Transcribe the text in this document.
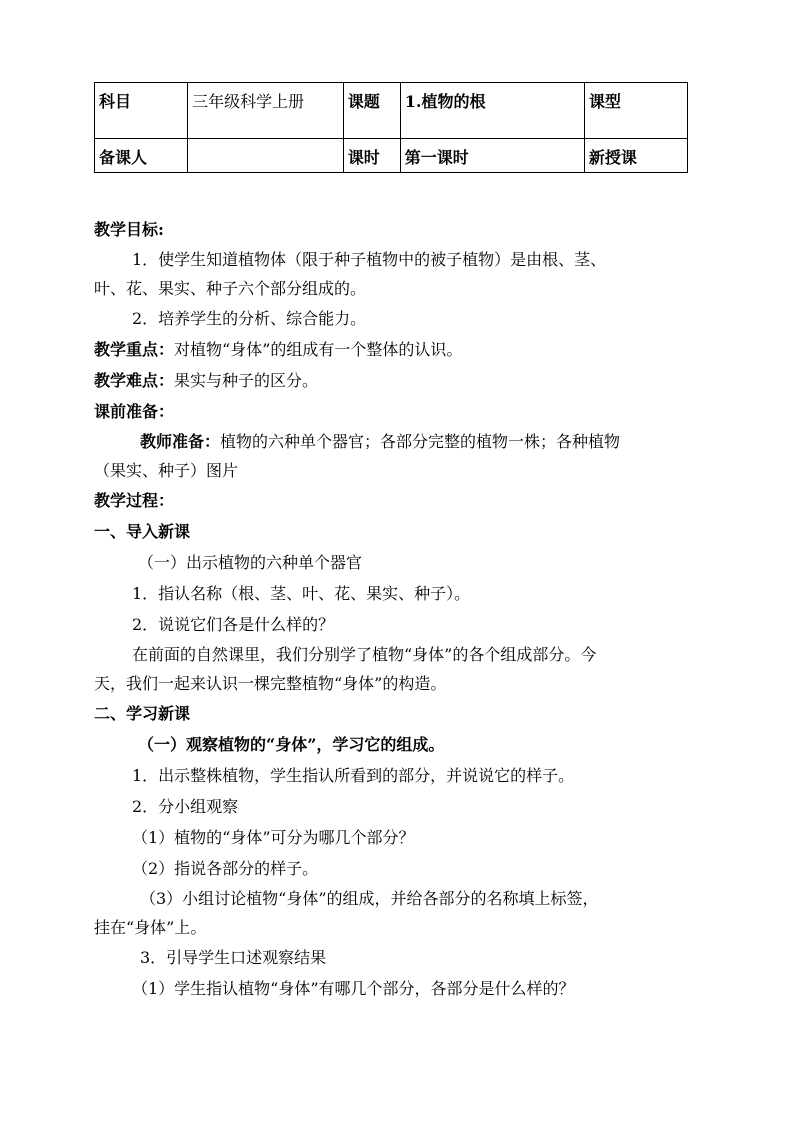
科目	三年级科学上册	课题	1.植物的根	课型
备课人		课时	第一课时	新授课

教学目标:

1．使学生知道植物体（限于种子植物中的被子植物）是由根、茎、

叶、花、果实、种子六个部分组成的。

2．培养学生的分析、综合能力。

教学重点：对植物“身体”的组成有一个整体的认识。

教学难点：果实与种子的区分。

课前准备：

教师准备：植物的六种单个器官；各部分完整的植物一株；各种植物

（果实、种子）图片

教学过程：

一、导入新课

（一）出示植物的六种单个器官

1．指认名称（根、茎、叶、花、果实、种子）。

2．说说它们各是什么样的？

在前面的自然课里，我们分别学了植物“身体”的各个组成部分。今

天，我们一起来认识一棵完整植物“身体”的构造。

二、学习新课

（一）观察植物的“身体”，学习它的组成。

1．出示整株植物，学生指认所看到的部分，并说说它的样子。

2．分小组观察

（1）植物的“身体”可分为哪几个部分？

（2）指说各部分的样子。

（3）小组讨论植物“身体”的组成，并给各部分的名称填上标签，

挂在“身体”上。

3．引导学生口述观察结果

（1）学生指认植物“身体”有哪几个部分，各部分是什么样的？
